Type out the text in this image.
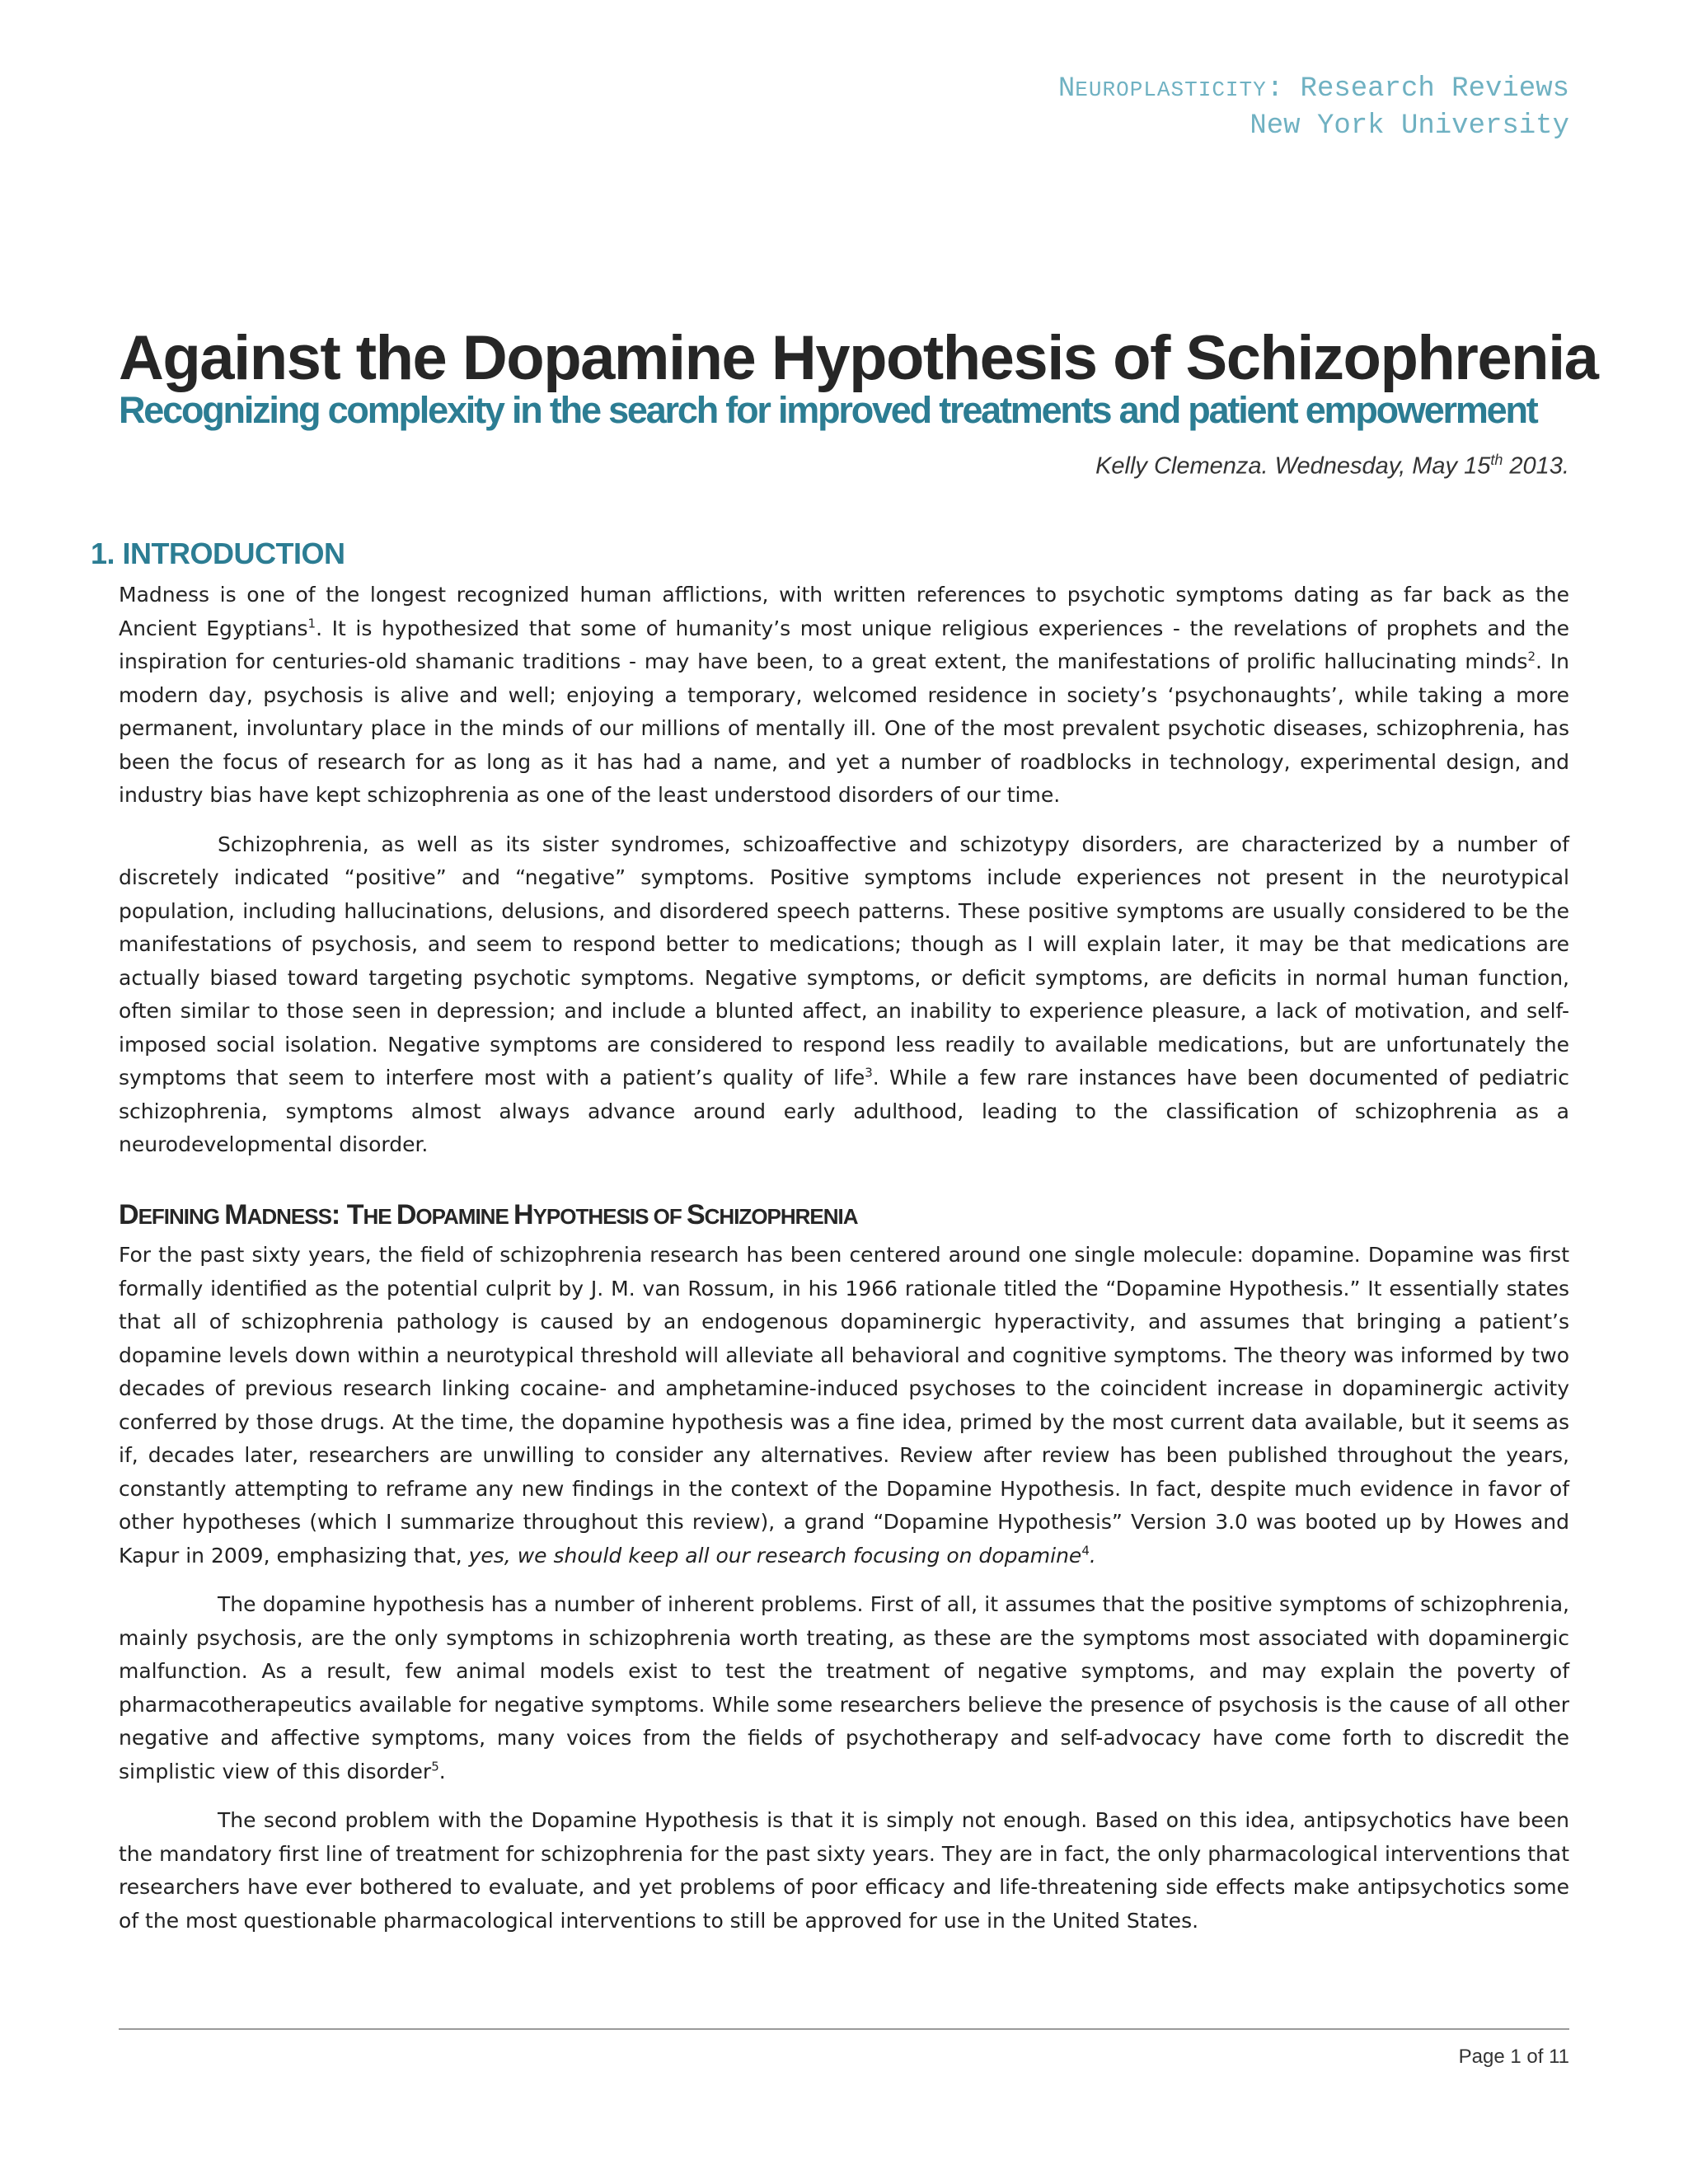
NEUROPLASTICITY: Research Reviews
New York University
Against the Dopamine Hypothesis of Schizophrenia
Recognizing complexity in the search for improved treatments and patient empowerment
Kelly Clemenza. Wednesday, May 15th 2013.
1. INTRODUCTION

Madness is one of the longest recognized human afflictions, with written references to psychotic symptoms dating as far back as the Ancient Egyptians$^1$. It is hypothesized that some of humanity’s most unique religious experiences - the revelations of prophets and the inspiration for centuries-old shamanic traditions - may have been, to a great extent, the manifestations of prolific hallucinating minds$^2$. In modern day, psychosis is alive and well; enjoying a temporary, welcomed residence in society’s ‘psychonaughts’, while taking a more permanent, involuntary place in the minds of our millions of mentally ill. One of the most prevalent psychotic diseases, schizophrenia, has been the focus of research for as long as it has had a name, and yet a number of roadblocks in technology, experimental design, and industry bias have kept schizophrenia as one of the least understood disorders of our time.

Schizophrenia, as well as its sister syndromes, schizoaffective and schizotypy disorders, are characterized by a number of discretely indicated “positive” and “negative” symptoms. Positive symptoms include experiences not present in the neurotypical population, including hallucinations, delusions, and disordered speech patterns. These positive symptoms are usually considered to be the manifestations of psychosis, and seem to respond better to medications; though as I will explain later, it may be that medications are actually biased toward targeting psychotic symptoms. Negative symptoms, or deficit symptoms, are deficits in normal human function, often similar to those seen in depression; and include a blunted affect, an inability to experience pleasure, a lack of motivation, and self-imposed social isolation. Negative symptoms are considered to respond less readily to available medications, but are unfortunately the symptoms that seem to interfere most with a patient’s quality of life$^3$. While a few rare instances have been documented of pediatric schizophrenia, symptoms almost always advance around early adulthood, leading to the classification of schizophrenia as a neurodevelopmental disorder.

DEFINING MADNESS: THE DOPAMINE HYPOTHESIS OF SCHIZOPHRENIA

For the past sixty years, the field of schizophrenia research has been centered around one single molecule: dopamine. Dopamine was first formally identified as the potential culprit by J. M. van Rossum, in his 1966 rationale titled the “Dopamine Hypothesis.” It essentially states that all of schizophrenia pathology is caused by an endogenous dopaminergic hyperactivity, and assumes that bringing a patient’s dopamine levels down within a neurotypical threshold will alleviate all behavioral and cognitive symptoms. The theory was informed by two decades of previous research linking cocaine- and amphetamine-induced psychoses to the coincident increase in dopaminergic activity conferred by those drugs. At the time, the dopamine hypothesis was a fine idea, primed by the most current data available, but it seems as if, decades later, researchers are unwilling to consider any alternatives. Review after review has been published throughout the years, constantly attempting to reframe any new findings in the context of the Dopamine Hypothesis. In fact, despite much evidence in favor of other hypotheses (which I summarize throughout this review), a grand “Dopamine Hypothesis” Version 3.0 was booted up by Howes and Kapur in 2009, emphasizing that, yes, we should keep all our research focusing on dopamine$^4$.

The dopamine hypothesis has a number of inherent problems. First of all, it assumes that the positive symptoms of schizophrenia, mainly psychosis, are the only symptoms in schizophrenia worth treating, as these are the symptoms most associated with dopaminergic malfunction. As a result, few animal models exist to test the treatment of negative symptoms, and may explain the poverty of pharmacotherapeutics available for negative symptoms. While some researchers believe the presence of psychosis is the cause of all other negative and affective symptoms, many voices from the fields of psychotherapy and self-advocacy have come forth to discredit the simplistic view of this disorder$^5$.

The second problem with the Dopamine Hypothesis is that it is simply not enough. Based on this idea, antipsychotics have been the mandatory first line of treatment for schizophrenia for the past sixty years. They are in fact, the only pharmacological interventions that researchers have ever bothered to evaluate, and yet problems of poor efficacy and life-threatening side effects make antipsychotics some of the most questionable pharmacological interventions to still be approved for use in the United States.

Page 1 of 11
